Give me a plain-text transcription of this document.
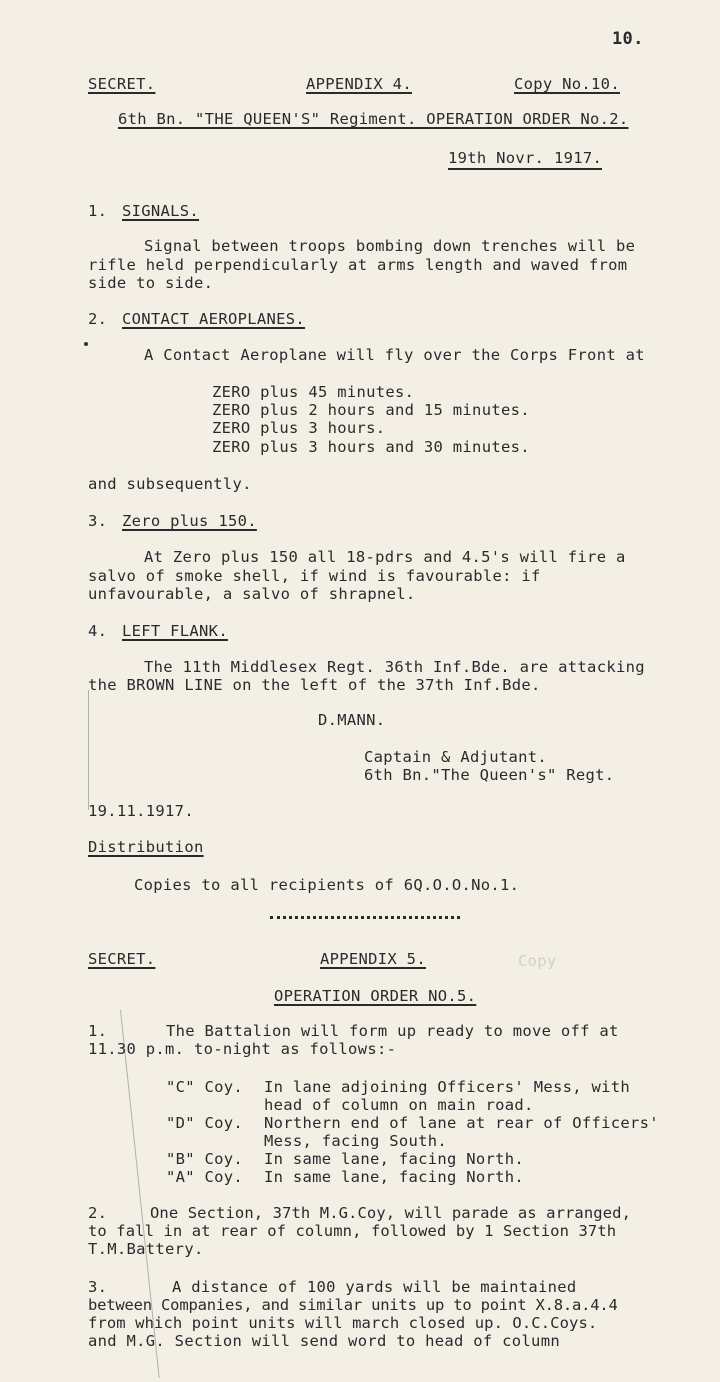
10.
SECRET.	APPENDIX 4.	Copy No.10.
6th Bn. "THE QUEEN'S" Regiment. OPERATION ORDER No.2.
19th Novr. 1917.
1. SIGNALS.
Signal between troops bombing down trenches will be
rifle held perpendicularly at arms length and waved from
side to side.
2. CONTACT AEROPLANES.
A Contact Aeroplane will fly over the Corps Front at
ZERO plus 45 minutes.
ZERO plus 2 hours and 15 minutes.
ZERO plus 3 hours.
ZERO plus 3 hours and 30 minutes.
and subsequently.
3. Zero plus 150.
At Zero plus 150 all 18-pdrs and 4.5's will fire a
salvo of smoke shell, if wind is favourable: if
unfavourable, a salvo of shrapnel.
4. LEFT FLANK.
The 11th Middlesex Regt. 36th Inf.Bde. are attacking
the BROWN LINE on the left of the 37th Inf.Bde.
D.MANN.
Captain & Adjutant.
6th Bn."The Queen's" Regt.
19.11.1917.
Distribution
Copies to all recipients of 6Q.O.O.No.1.
SECRET.	APPENDIX 5.	Copy
OPERATION ORDER NO.5.
1.	The Battalion will form up ready to move off at
11.30 p.m. to-night as follows:-
"C" Coy. In lane adjoining Officers' Mess, with
head of column on main road.
"D" Coy. Northern end of lane at rear of Officers'
Mess, facing South.
"B" Coy. In same lane, facing North.
"A" Coy. In same lane, facing North.
2.	One Section, 37th M.G.Coy, will parade as arranged,
to fall in at rear of column, followed by 1 Section 37th
T.M.Battery.
3.	A distance of 100 yards will be maintained
between Companies, and similar units up to point X.8.a.4.4
from which point units will march closed up. O.C.Coys.
and M.G. Section will send word to head of column
